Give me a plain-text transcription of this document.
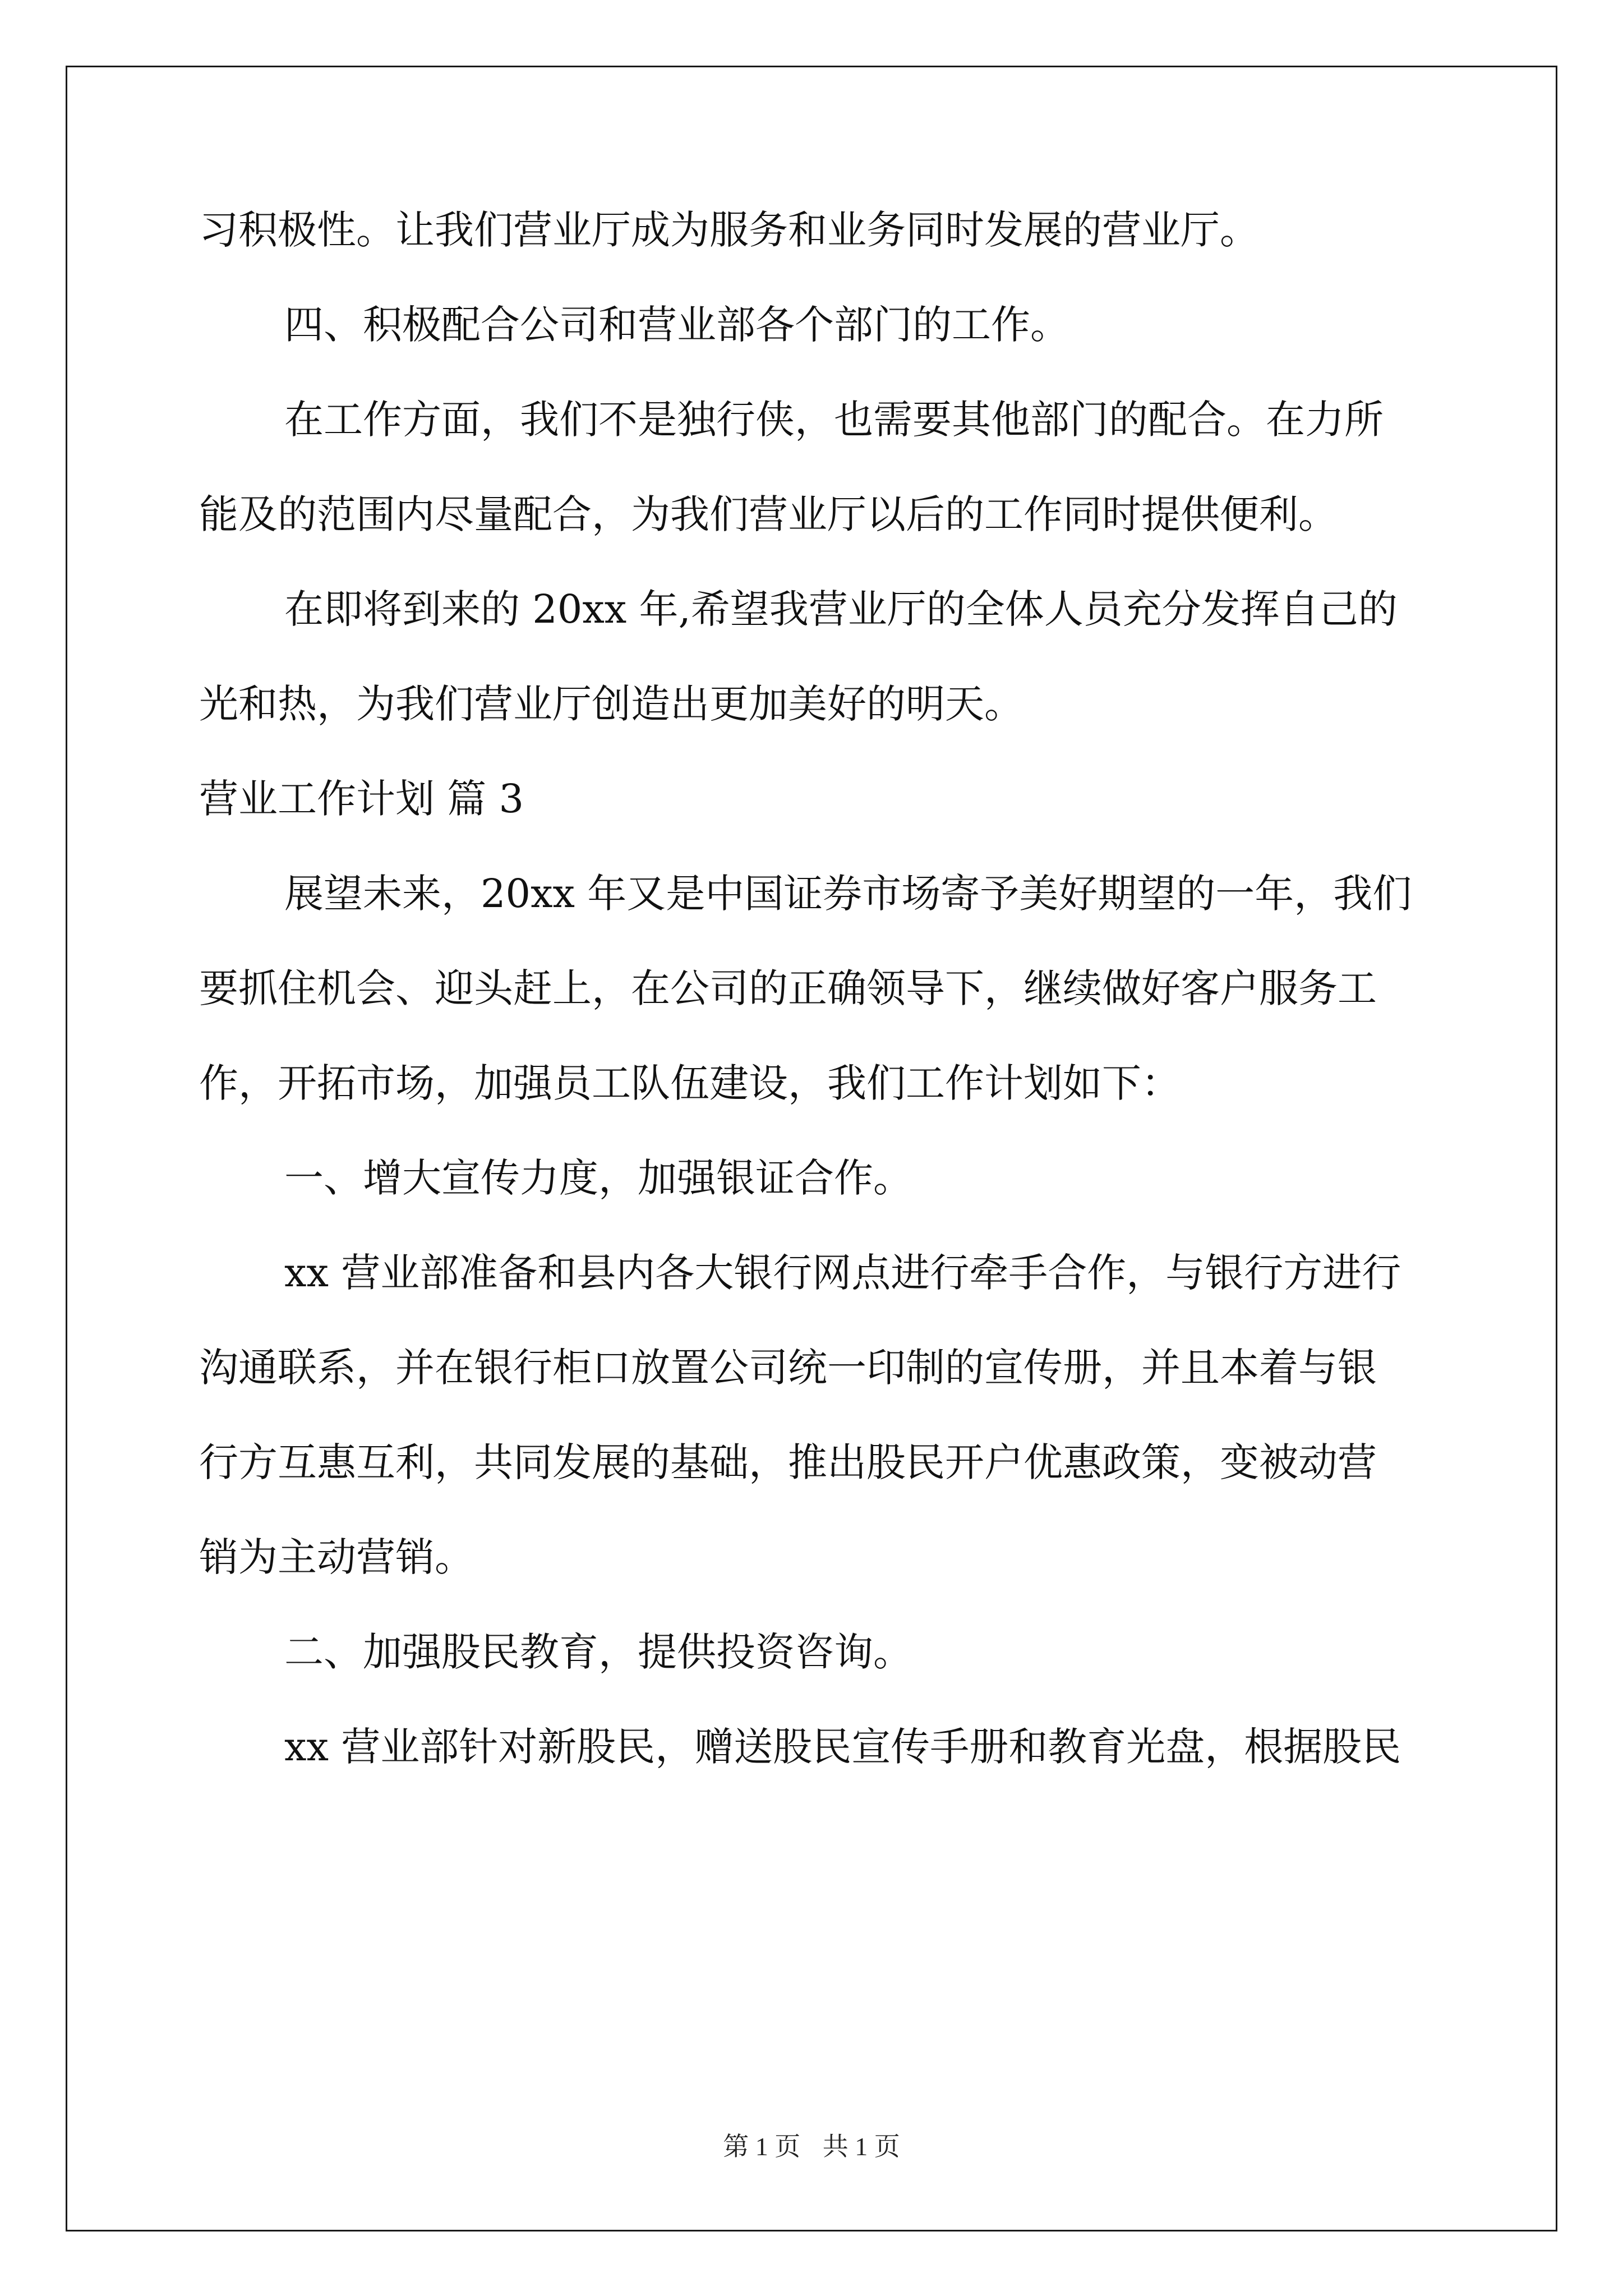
习积极性。让我们营业厅成为服务和业务同时发展的营业厅。
四、积极配合公司和营业部各个部门的工作。
在工作方面，我们不是独行侠，也需要其他部门的配合。在力所
能及的范围内尽量配合，为我们营业厅以后的工作同时提供便利。
在即将到来的 20xx 年,希望我营业厅的全体人员充分发挥自己的
光和热，为我们营业厅创造出更加美好的明天。
营业工作计划 篇 3
展望未来，20xx 年又是中国证券市场寄予美好期望的一年，我们
要抓住机会、迎头赶上，在公司的正确领导下，继续做好客户服务工
作，开拓市场，加强员工队伍建设，我们工作计划如下：
一、增大宣传力度，加强银证合作。
xx 营业部准备和县内各大银行网点进行牵手合作，与银行方进行
沟通联系，并在银行柜口放置公司统一印制的宣传册，并且本着与银
行方互惠互利，共同发展的基础，推出股民开户优惠政策，变被动营
销为主动营销。
二、加强股民教育，提供投资咨询。
xx 营业部针对新股民，赠送股民宣传手册和教育光盘，根据股民
第 1 页 共 1 页
